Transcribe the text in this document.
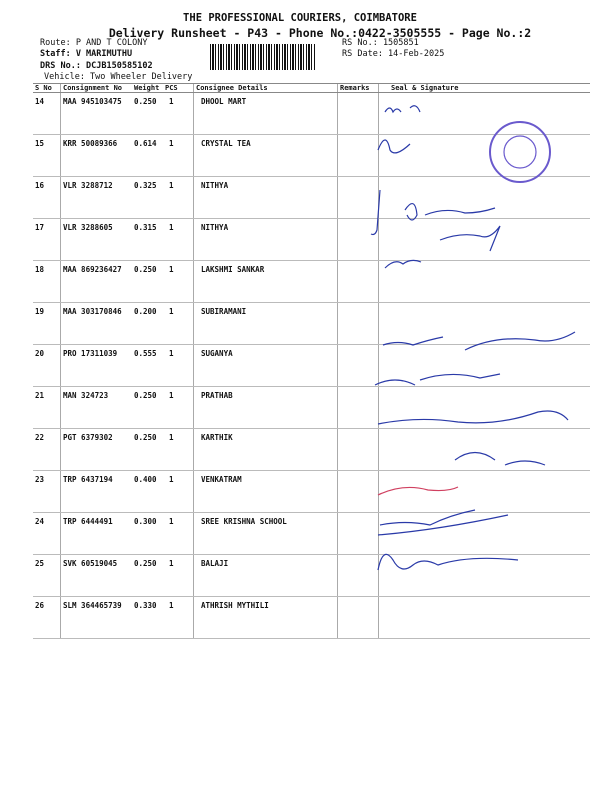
THE PROFESSIONAL COURIERS, COIMBATORE
Delivery Runsheet - P43 - Phone No.:0422-3505555 - Page No.:2
Route: P AND T COLONY
Staff: V MARIMUTHU
DRS No.: DCJB150585102
Vehicle: Two Wheeler Delivery
RS No.: 1505851
RS Date: 14-Feb-2025
S No	Consignment No	Weight	PCS	Consignee Details	Remarks	Seal & Signature
14	MAA 945103475	0.250	1	DHOOL MART		
15	KRR 50089366	0.614	1	CRYSTAL TEA		
16	VLR 3288712	0.325	1	NITHYA		
17	VLR 3288605	0.315	1	NITHYA		
18	MAA 869236427	0.250	1	LAKSHMI SANKAR		
19	MAA 303170846	0.200	1	SUBIRAMANI		
20	PRO 17311039	0.555	1	SUGANYA		
21	MAN 324723	0.250	1	PRATHAB		
22	PGT 6379302	0.250	1	KARTHIK		
23	TRP 6437194	0.400	1	VENKATRAM		
24	TRP 6444491	0.300	1	SREE KRISHNA SCHOOL		
25	SVK 60519045	0.250	1	BALAJI		
26	SLM 364465739	0.330	1	ATHRISH MYTHILI		
